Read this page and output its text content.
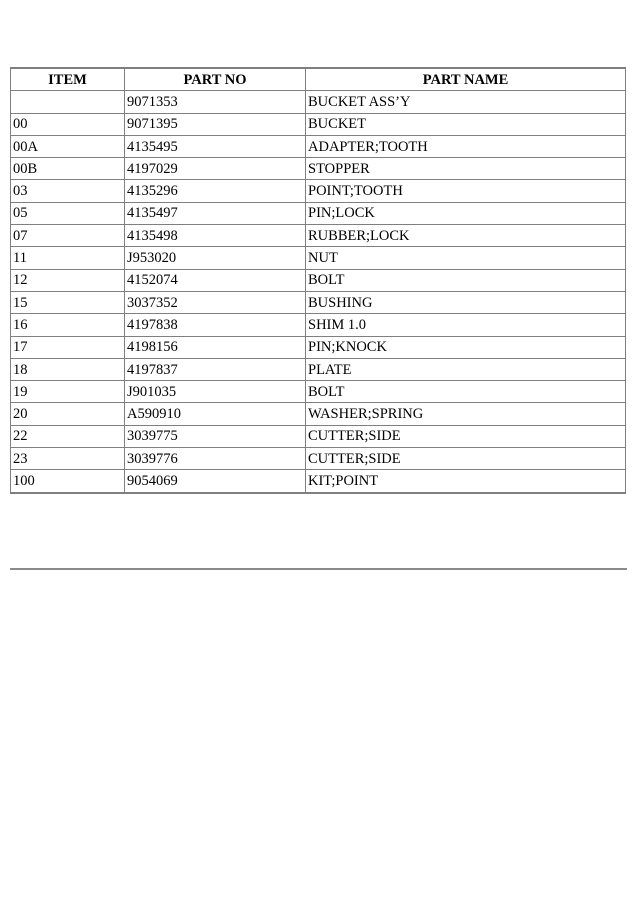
ITEM	PART NO	PART NAME
	9071353	BUCKET ASS’Y
00	9071395	BUCKET
00A	4135495	ADAPTER;TOOTH
00B	4197029	STOPPER
03	4135296	POINT;TOOTH
05	4135497	PIN;LOCK
07	4135498	RUBBER;LOCK
11	J953020	NUT
12	4152074	BOLT
15	3037352	BUSHING
16	4197838	SHIM 1.0
17	4198156	PIN;KNOCK
18	4197837	PLATE
19	J901035	BOLT
20	A590910	WASHER;SPRING
22	3039775	CUTTER;SIDE
23	3039776	CUTTER;SIDE
100	9054069	KIT;POINT
